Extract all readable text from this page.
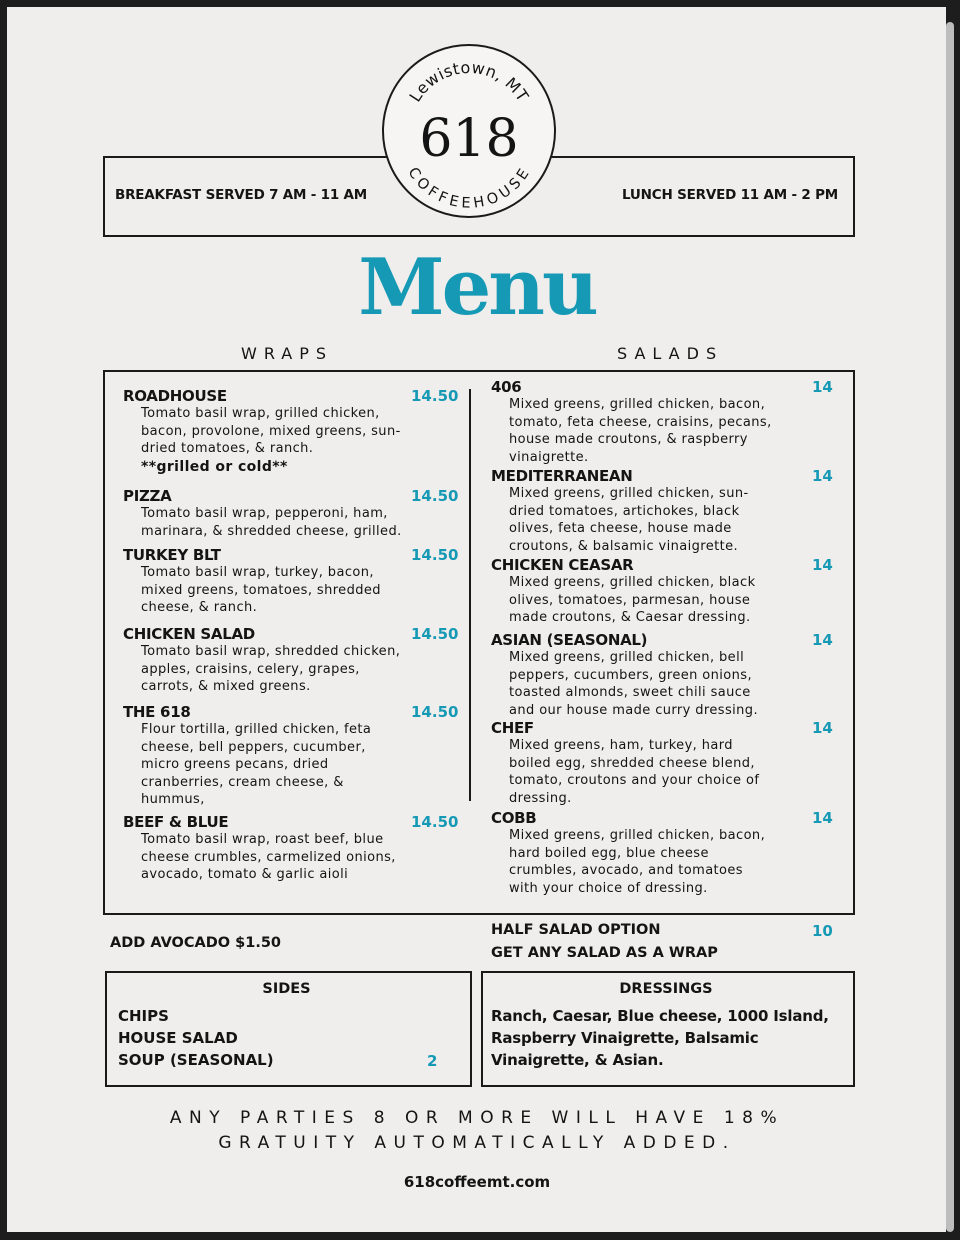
BREAKFAST SERVED 7 AM - 11 AM	LUNCH SERVED 11 AM - 2 PM
Lewistown, MT
618
COFFEEHOUSE
Menu
WRAPS	SALADS
ROADHOUSE	14.50
Tomato basil wrap, grilled chicken,
bacon, provolone, mixed greens, sun-
dried tomatoes, & ranch.
**grilled or cold**
PIZZA	14.50
Tomato basil wrap, pepperoni, ham,
marinara, & shredded cheese, grilled.
TURKEY BLT	14.50
Tomato basil wrap, turkey, bacon,
mixed greens, tomatoes, shredded
cheese, & ranch.
CHICKEN SALAD	14.50
Tomato basil wrap, shredded chicken,
apples, craisins, celery, grapes,
carrots, & mixed greens.
THE 618	14.50
Flour tortilla, grilled chicken, feta
cheese, bell peppers, cucumber,
micro greens pecans, dried
cranberries, cream cheese, &
hummus,
BEEF & BLUE	14.50
Tomato basil wrap, roast beef, blue
cheese crumbles, carmelized onions,
avocado, tomato & garlic aioli
406	14
Mixed greens, grilled chicken, bacon,
tomato, feta cheese, craisins, pecans,
house made croutons, & raspberry
vinaigrette.
MEDITERRANEAN	14
Mixed greens, grilled chicken, sun-
dried tomatoes, artichokes, black
olives, feta cheese, house made
croutons, & balsamic vinaigrette.
CHICKEN CEASAR	14
Mixed greens, grilled chicken, black
olives, tomatoes, parmesan, house
made croutons, & Caesar dressing.
ASIAN (SEASONAL)	14
Mixed greens, grilled chicken, bell
peppers, cucumbers, green onions,
toasted almonds, sweet chili sauce
and our house made curry dressing.
CHEF	14
Mixed greens, ham, turkey, hard
boiled egg, shredded cheese blend,
tomato, croutons and your choice of
dressing.
COBB	14
Mixed greens, grilled chicken, bacon,
hard boiled egg, blue cheese
crumbles, avocado, and tomatoes
with your choice of dressing.
ADD AVOCADO $1.50
HALF SALAD OPTION	10
GET ANY SALAD AS A WRAP
SIDES
CHIPS
HOUSE SALAD
SOUP (SEASONAL)	2
DRESSINGS
Ranch, Caesar, Blue cheese, 1000 Island,
Raspberry Vinaigrette, Balsamic
Vinaigrette, & Asian.
ANY PARTIES 8 OR MORE WILL HAVE 18%
GRATUITY AUTOMATICALLY ADDED.
618coffeemt.com
